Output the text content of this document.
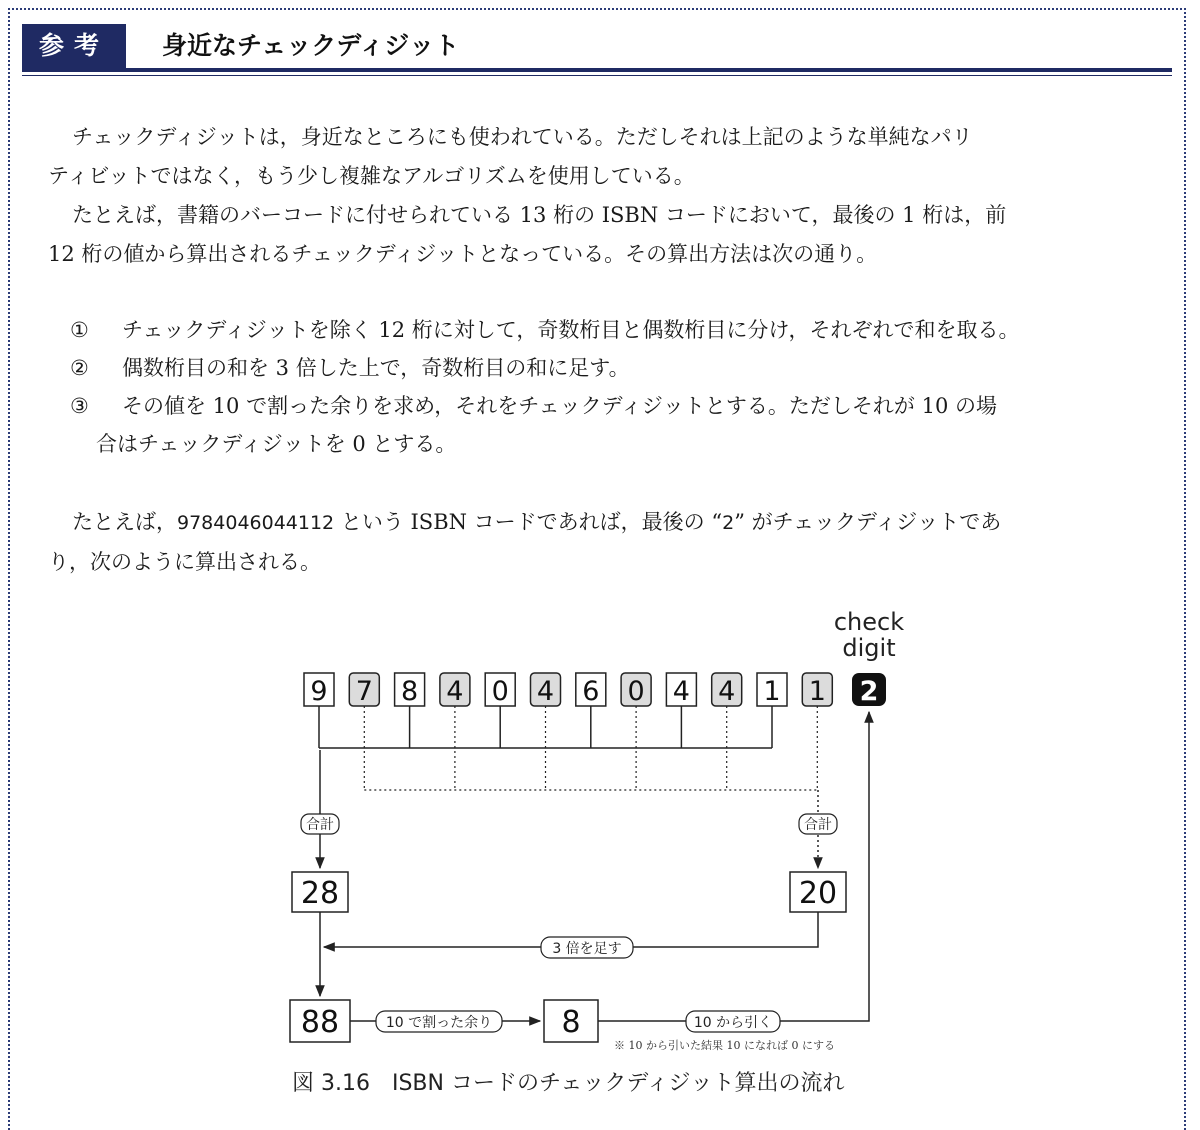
参考	身近なチェックディジット

チェックディジットは，身近なところにも使われている。ただしそれは上記のような単純なパリ
ティビットではなく，もう少し複雑なアルゴリズムを使用している。

たとえば，書籍のバーコードに付せられている 13 桁の ISBN コードにおいて，最後の 1 桁は，前
12 桁の値から算出されるチェックディジットとなっている。その算出方法は次の通り。

① チェックディジットを除く 12 桁に対して，奇数桁目と偶数桁目に分け，それぞれで和を取る。
② 偶数桁目の和を 3 倍した上で，奇数桁目の和に足す。
③ その値を 10 で割った余りを求め，それをチェックディジットとする。ただしそれが 10 の場
合はチェックディジットを 0 とする。

たとえば，9784046044112 という ISBN コードであれば，最後の “2” がチェックディジットであ
り，次のように算出される。

check
digit
9 7 8 4 0 4 6 0 4 4 1 1 2
合計	合計
28	20
3 倍を足す
88	10 で割った余り 8	10 から引く
※ 10 から引いた結果 10 になれば 0 にする
図 3.16　ISBN コードのチェックディジット算出の流れ
